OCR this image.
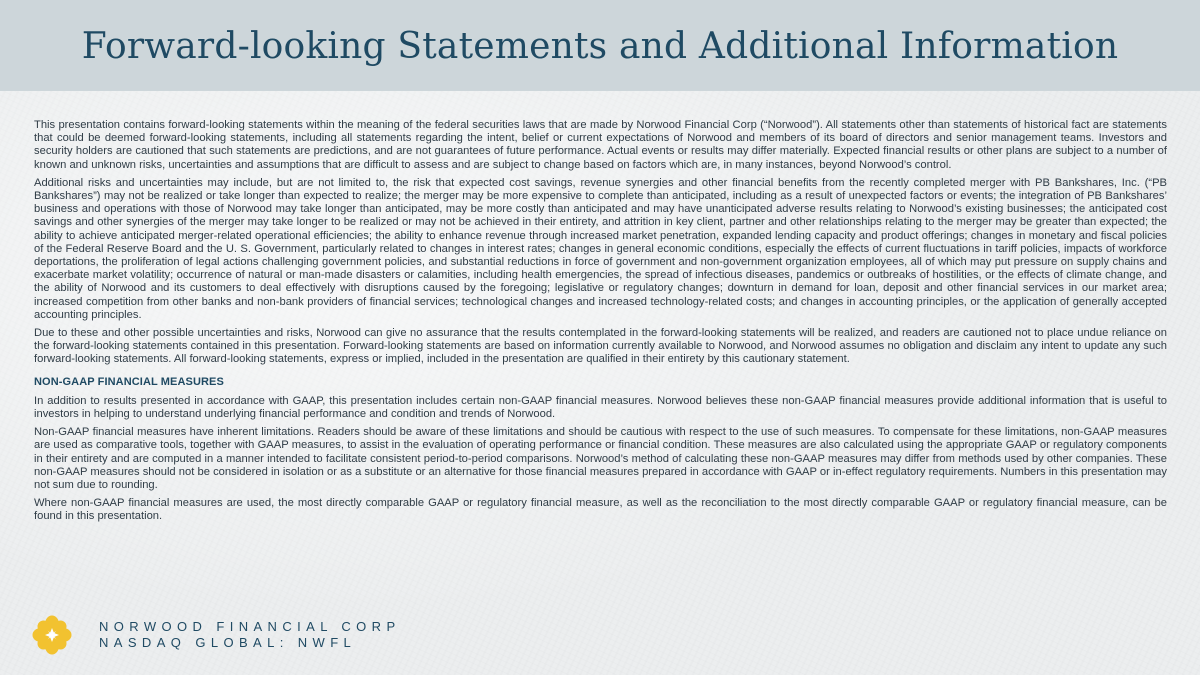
Forward-looking Statements and Additional Information

This presentation contains forward-looking statements within the meaning of the federal securities laws that are made by Norwood Financial Corp (“Norwood”). All statements other than statements of historical fact are statements that could be deemed forward-looking statements, including all statements regarding the intent, belief or current expectations of Norwood and members of its board of directors and senior management teams. Investors and security holders are cautioned that such statements are predictions, and are not guarantees of future performance. Actual events or results may differ materially. Expected financial results or other plans are subject to a number of known and unknown risks, uncertainties and assumptions that are difficult to assess and are subject to change based on factors which are, in many instances, beyond Norwood’s control.

Additional risks and uncertainties may include, but are not limited to, the risk that expected cost savings, revenue synergies and other financial benefits from the recently completed merger with PB Bankshares, Inc. (“PB Bankshares”) may not be realized or take longer than expected to realize; the merger may be more expensive to complete than anticipated, including as a result of unexpected factors or events; the integration of PB Bankshares’ business and operations with those of Norwood may take longer than anticipated, may be more costly than anticipated and may have unanticipated adverse results relating to Norwood’s existing businesses; the anticipated cost savings and other synergies of the merger may take longer to be realized or may not be achieved in their entirety, and attrition in key client, partner and other relationships relating to the merger may be greater than expected; the ability to achieve anticipated merger-related operational efficiencies; the ability to enhance revenue through increased market penetration, expanded lending capacity and product offerings; changes in monetary and fiscal policies of the Federal Reserve Board and the U. S. Government, particularly related to changes in interest rates; changes in general economic conditions, especially the effects of current fluctuations in tariff policies, impacts of workforce deportations, the proliferation of legal actions challenging government policies, and substantial reductions in force of government and non-government organization employees, all of which may put pressure on supply chains and exacerbate market volatility; occurrence of natural or man-made disasters or calamities, including health emergencies, the spread of infectious diseases, pandemics or outbreaks of hostilities, or the effects of climate change, and the ability of Norwood and its customers to deal effectively with disruptions caused by the foregoing; legislative or regulatory changes; downturn in demand for loan, deposit and other financial services in our market area; increased competition from other banks and non-bank providers of financial services; technological changes and increased technology-related costs; and changes in accounting principles, or the application of generally accepted accounting principles.

Due to these and other possible uncertainties and risks, Norwood can give no assurance that the results contemplated in the forward-looking statements will be realized, and readers are cautioned not to place undue reliance on the forward-looking statements contained in this presentation. Forward-looking statements are based on information currently available to Norwood, and Norwood assumes no obligation and disclaim any intent to update any such forward-looking statements. All forward-looking statements, express or implied, included in the presentation are qualified in their entirety by this cautionary statement.

NON-GAAP FINANCIAL MEASURES

In addition to results presented in accordance with GAAP, this presentation includes certain non-GAAP financial measures. Norwood believes these non-GAAP financial measures provide additional information that is useful to investors in helping to understand underlying financial performance and condition and trends of Norwood.

Non-GAAP financial measures have inherent limitations. Readers should be aware of these limitations and should be cautious with respect to the use of such measures. To compensate for these limitations, non-GAAP measures are used as comparative tools, together with GAAP measures, to assist in the evaluation of operating performance or financial condition. These measures are also calculated using the appropriate GAAP or regulatory components in their entirety and are computed in a manner intended to facilitate consistent period-to-period comparisons. Norwood’s method of calculating these non-GAAP measures may differ from methods used by other companies. These non-GAAP measures should not be considered in isolation or as a substitute or an alternative for those financial measures prepared in accordance with GAAP or in-effect regulatory requirements. Numbers in this presentation may not sum due to rounding.

Where non-GAAP financial measures are used, the most directly comparable GAAP or regulatory financial measure, as well as the reconciliation to the most directly comparable GAAP or regulatory financial measure, can be found in this presentation.

NORWOOD FINANCIAL CORP
NASDAQ GLOBAL: NWFL
